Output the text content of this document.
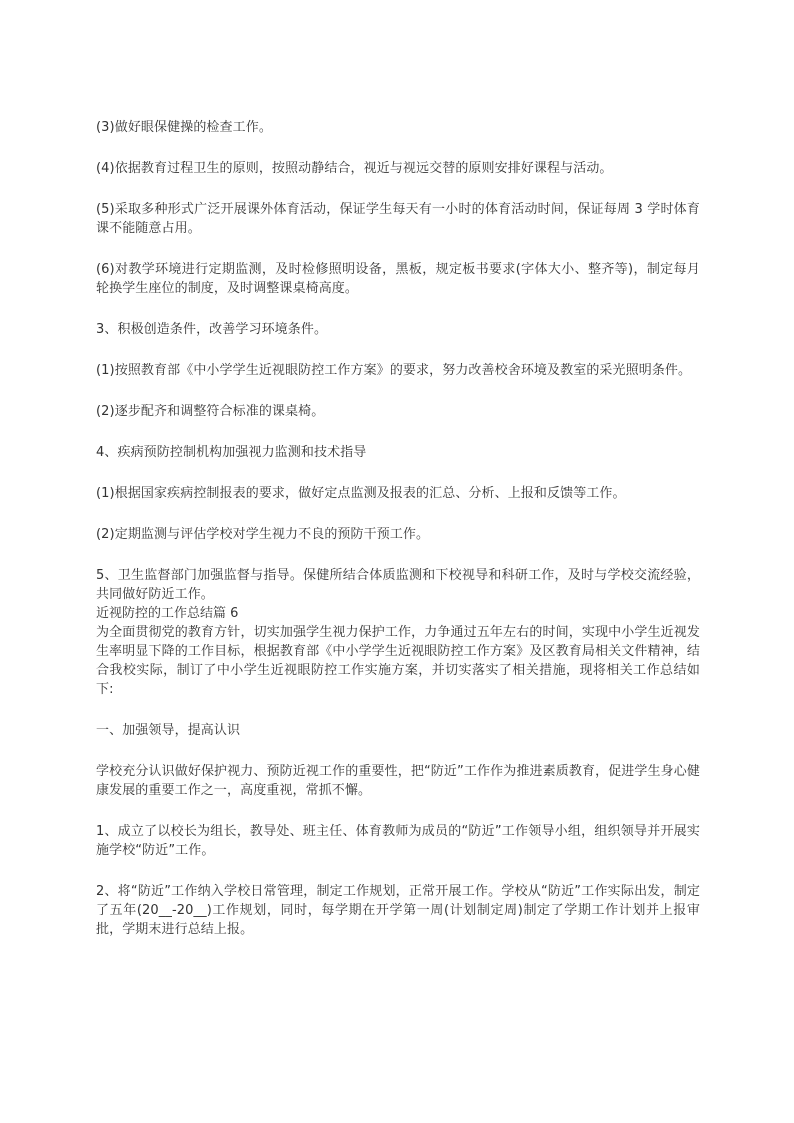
(3)做好眼保健操的检查工作。

(4)依据教育过程卫生的原则，按照动静结合，视近与视远交替的原则安排好课程与活动。

(5)采取多种形式广泛开展课外体育活动，保证学生每天有一小时的体育活动时间，保证每周 3 学时体育课不能随意占用。

(6)对教学环境进行定期监测，及时检修照明设备，黑板，规定板书要求(字体大小、整齐等)，制定每月轮换学生座位的制度，及时调整课桌椅高度。

3、积极创造条件，改善学习环境条件。

(1)按照教育部《中小学学生近视眼防控工作方案》的要求，努力改善校舍环境及教室的采光照明条件。

(2)逐步配齐和调整符合标准的课桌椅。

4、疾病预防控制机构加强视力监测和技术指导

(1)根据国家疾病控制报表的要求，做好定点监测及报表的汇总、分析、上报和反馈等工作。

(2)定期监测与评估学校对学生视力不良的预防干预工作。

5、卫生监督部门加强监督与指导。保健所结合体质监测和下校视导和科研工作，及时与学校交流经验，共同做好防近工作。

近视防控的工作总结篇 6

为全面贯彻党的教育方针，切实加强学生视力保护工作，力争通过五年左右的时间，实现中小学生近视发生率明显下降的工作目标，根据教育部《中小学学生近视眼防控工作方案》及区教育局相关文件精神，结合我校实际，制订了中小学生近视眼防控工作实施方案，并切实落实了相关措施，现将相关工作总结如下:

一、加强领导，提高认识

学校充分认识做好保护视力、预防近视工作的重要性，把“防近”工作作为推进素质教育，促进学生身心健康发展的重要工作之一，高度重视，常抓不懈。

1、成立了以校长为组长，教导处、班主任、体育教师为成员的“防近”工作领导小组，组织领导并开展实施学校“防近”工作。

2、将“防近”工作纳入学校日常管理，制定工作规划，正常开展工作。学校从“防近”工作实际出发，制定了五年(20__-20__)工作规划，同时，每学期在开学第一周(计划制定周)制定了学期工作计划并上报审批，学期末进行总结上报。
